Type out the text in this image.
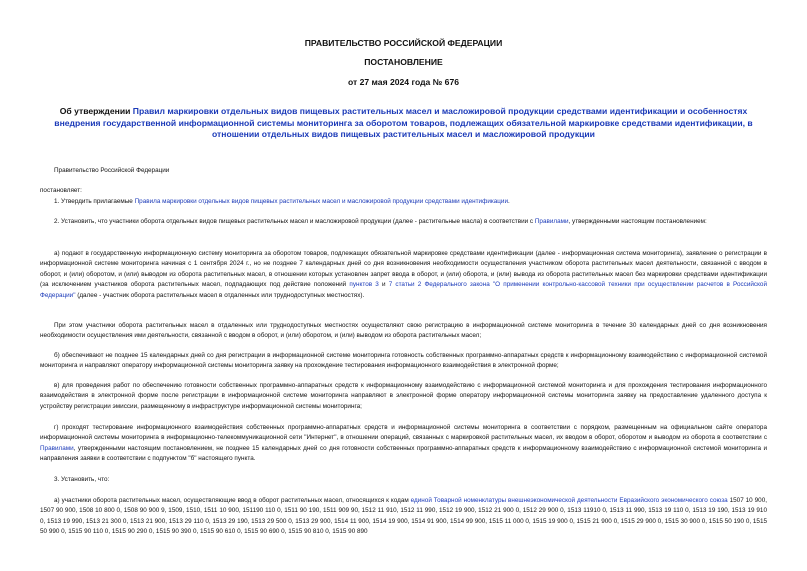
ПРАВИТЕЛЬСТВО РОССИЙСКОЙ ФЕДЕРАЦИИ
ПОСТАНОВЛЕНИЕ
от 27 мая 2024 года № 676
Об утверждении Правил маркировки отдельных видов пищевых растительных масел и масложировой продукции средствами идентификации и особенностях внедрения государственной информационной системы мониторинга за оборотом товаров, подлежащих обязательной маркировке средствами идентификации, в отношении отдельных видов пищевых растительных масел и масложировой продукции
Правительство Российской Федерации
постановляет:
1. Утвердить прилагаемые Правила маркировки отдельных видов пищевых растительных масел и масложировой продукции средствами идентификации.
2. Установить, что участники оборота отдельных видов пищевых растительных масел и масложировой продукции (далее - растительные масла) в соответствии с Правилами, утвержденными настоящим постановлением:
а) подают в государственную информационную систему мониторинга за оборотом товаров, подлежащих обязательной маркировке средствами идентификации (далее - информационная система мониторинга), заявление о регистрации в информационной системе мониторинга начиная с 1 сентября 2024 г., но не позднее 7 календарных дней со дня возникновения необходимости осуществления участником оборота растительных масел деятельности, связанной с вводом в оборот, и (или) оборотом, и (или) выводом из оборота растительных масел, в отношении которых установлен запрет ввода в оборот, и (или) оборота, и (или) вывода из оборота растительных масел без маркировки средствами идентификации (за исключением участников оборота растительных масел, подпадающих под действие положений пунктов 3 и 7 статьи 2 Федерального закона "О применении контрольно-кассовой техники при осуществлении расчетов в Российской Федерации" (далее - участник оборота растительных масел в отдаленных или труднодоступных местностях).
При этом участники оборота растительных масел в отдаленных или труднодоступных местностях осуществляют свою регистрацию в информационной системе мониторинга в течение 30 календарных дней со дня возникновения необходимости осуществления ими деятельности, связанной с вводом в оборот, и (или) оборотом, и (или) выводом из оборота растительных масел;
б) обеспечивают не позднее 15 календарных дней со дня регистрации в информационной системе мониторинга готовность собственных программно-аппаратных средств к информационному взаимодействию с информационной системой мониторинга и направляют оператору информационной системы мониторинга заявку на прохождение тестирования информационного взаимодействия в электронной форме;
в) для проведения работ по обеспечению готовности собственных программно-аппаратных средств к информационному взаимодействию с информационной системой мониторинга и для прохождения тестирования информационного взаимодействия в электронной форме после регистрации в информационной системе мониторинга направляют в электронной форме оператору информационной системы мониторинга заявку на предоставление удаленного доступа к устройству регистрации эмиссии, размещенному в инфраструктуре информационной системы мониторинга;
г) проходят тестирование информационного взаимодействия собственных программно-аппаратных средств и информационной системы мониторинга в соответствии с порядком, размещенным на официальном сайте оператора информационной системы мониторинга в информационно-телекоммуникационной сети "Интернет", в отношении операций, связанных с маркировкой растительных масел, их вводом в оборот, оборотом и выводом из оборота в соответствии с Правилами, утвержденными настоящим постановлением, не позднее 15 календарных дней со дня готовности собственных программно-аппаратных средств к информационному взаимодействию с информационной системой мониторинга и направления заявки в соответствии с подпунктом "б" настоящего пункта.
3. Установить, что:
а) участники оборота растительных масел, осуществляющие ввод в оборот растительных масел, относящихся к кодам единой Товарной номенклатуры внешнеэкономической деятельности Евразийского экономического союза 1507 10 900, 1507 90 900, 1508 10 800 0, 1508 90 900 9, 1509, 1510, 1511 10 900, 151190 110 0, 1511 90 190, 1511 909 90, 1512 11 910, 1512 11 990, 1512 19 900, 1512 21 900 0, 1512 29 900 0, 1513 11910 0, 1513 11 990, 1513 19 110 0, 1513 19 190, 1513 19 910 0, 1513 19 990, 1513 21 300 0, 1513 21 900, 1513 29 110 0, 1513 29 190, 1513 29 500 0, 1513 29 900, 1514 11 900, 1514 19 900, 1514 91 900, 1514 99 900, 1515 11 000 0, 1515 19 900 0, 1515 21 900 0, 1515 29 900 0, 1515 30 900 0, 1515 50 190 0, 1515 50 990 0, 1515 90 110 0, 1515 90 290 0, 1515 90 390 0, 1515 90 610 0, 1515 90 690 0, 1515 90 810 0, 1515 90 890
